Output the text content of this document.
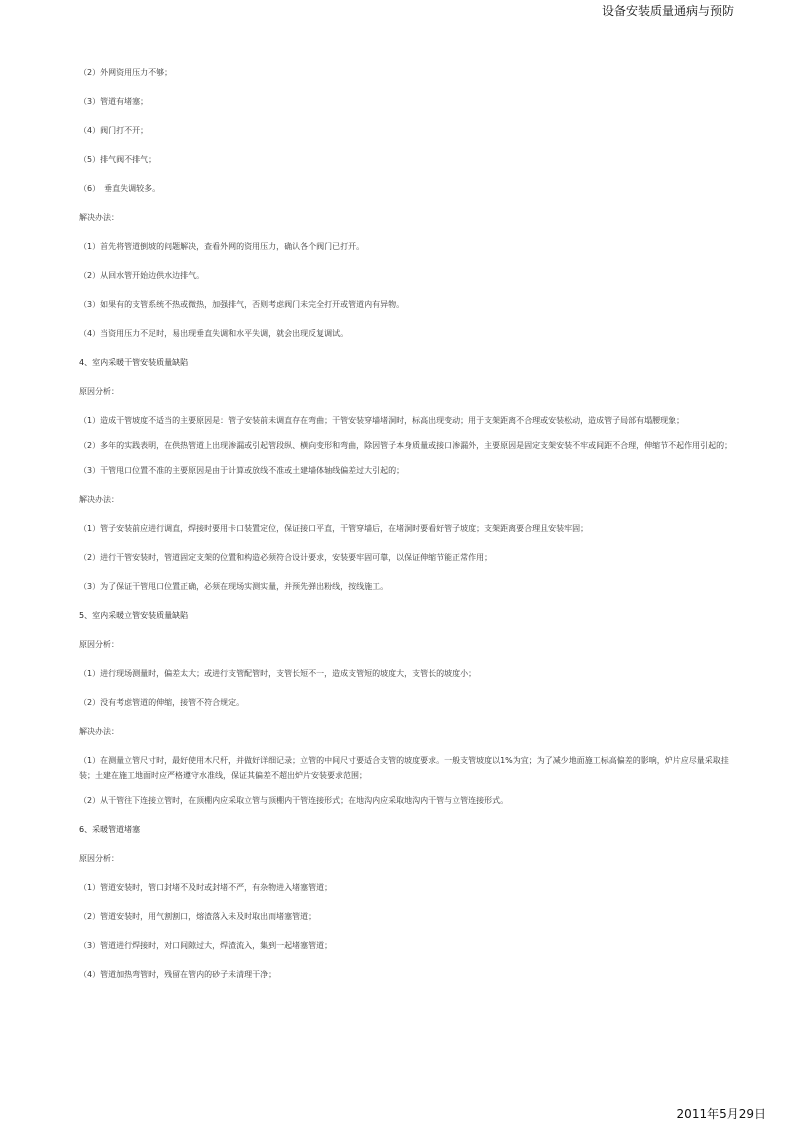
设备安装质量通病与预防

（2）外网资用压力不够；

（3）管道有堵塞；

（4）阀门打不开；

（5）排气阀不排气；

（6）　垂直失调较多。

解决办法：

（1）首先将管道倒坡的问题解决，查看外网的资用压力，确认各个阀门已打开。

（2）从回水管开始边供水边排气。

（3）如果有的支管系统不热或微热，加强排气，否则考虑阀门未完全打开或管道内有异物。

（4）当资用压力不足时，易出现垂直失调和水平失调，就会出现反复调试。

4、室内采暖干管安装质量缺陷

原因分析：

（1）造成干管坡度不适当的主要原因是：管子安装前未调直存在弯曲；干管安装穿墙堵洞时，标高出现变动；用于支架距离不合理或安装松动，造成管子局部有塌腰现象；

（2）多年的实践表明，在供热管道上出现渗漏或引起管段纵、横向变形和弯曲，除因管子本身质量或接口渗漏外，主要原因是固定支架安装不牢或间距不合理，伸缩节不起作用引起的；

（3）干管甩口位置不准的主要原因是由于计算或放线不准或土建墙体轴线偏差过大引起的；

解决办法：

（1）管子安装前应进行调直，焊接时要用卡口装置定位，保证接口平直，干管穿墙后，在堵洞时要看好管子坡度；支架距离要合理且安装牢固；

（2）进行干管安装时，管道固定支架的位置和构造必须符合设计要求，安装要牢固可靠，以保证伸缩节能正常作用；

（3）为了保证干管甩口位置正确，必须在现场实测实量，并预先弹出粉线，按线施工。

5、室内采暖立管安装质量缺陷

原因分析：

（1）进行现场测量时，偏差太大；或进行支管配管时，支管长短不一，造成支管短的坡度大，支管长的坡度小；

（2）没有考虑管道的伸缩，接管不符合规定。

解决办法：

（1）在测量立管尺寸时，最好使用木尺杆，并做好详细记录；立管的中间尺寸要适合支管的坡度要求。一般支管坡度以1%为宜；为了减少地面施工标高偏差的影响，炉片应尽量采取挂装；土建在施工地面时应严格遵守水准线，保证其偏差不超出炉片安装要求范围；

（2）从干管往下连接立管时，在顶棚内应采取立管与顶棚内干管连接形式；在地沟内应采取地沟内干管与立管连接形式。

6、采暖管道堵塞

原因分析：

（1）管道安装时，管口封堵不及时或封堵不严，有杂物进入堵塞管道；

（2）管道安装时，用气割割口，熔渣落入未及时取出而堵塞管道；

（3）管道进行焊接时，对口间隙过大，焊渣流入，集到一起堵塞管道；

（4）管道加热弯管时，残留在管内的砂子未清理干净；

2011年5月29日
